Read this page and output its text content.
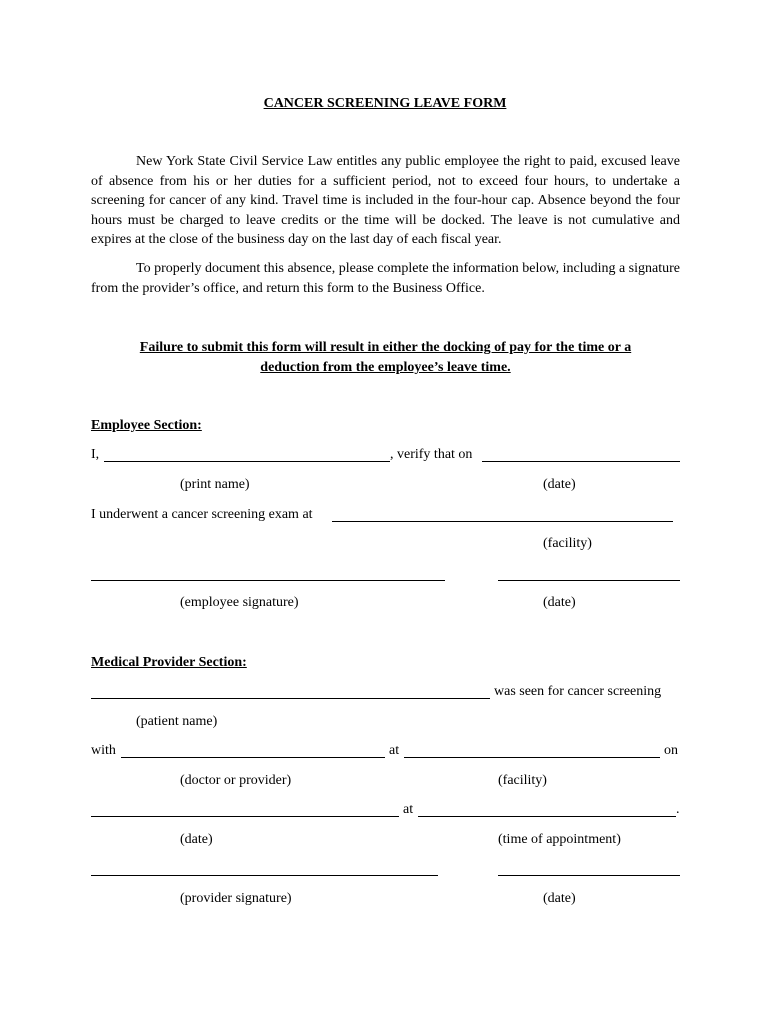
CANCER SCREENING LEAVE FORM
New York State Civil Service Law entitles any public employee the right to paid, excused leave of absence from his or her duties for a sufficient period, not to exceed four hours, to undertake a screening for cancer of any kind. Travel time is included in the four-hour cap. Absence beyond the four hours must be charged to leave credits or the time will be docked. The leave is not cumulative and expires at the close of the business day on the last day of each fiscal year.
To properly document this absence, please complete the information below, including a signature from the provider’s office, and return this form to the Business Office.
Failure to submit this form will result in either the docking of pay for the time or a
deduction from the employee’s leave time.
Employee Section:
I,	, verify that on
(print name)	(date)
I underwent a cancer screening exam at
(facility)
(employee signature)	(date)
Medical Provider Section:
was seen for cancer screening
(patient name)
with	at	on
(doctor or provider)	(facility)
at	.
(date)	(time of appointment)
(provider signature)	(date)
